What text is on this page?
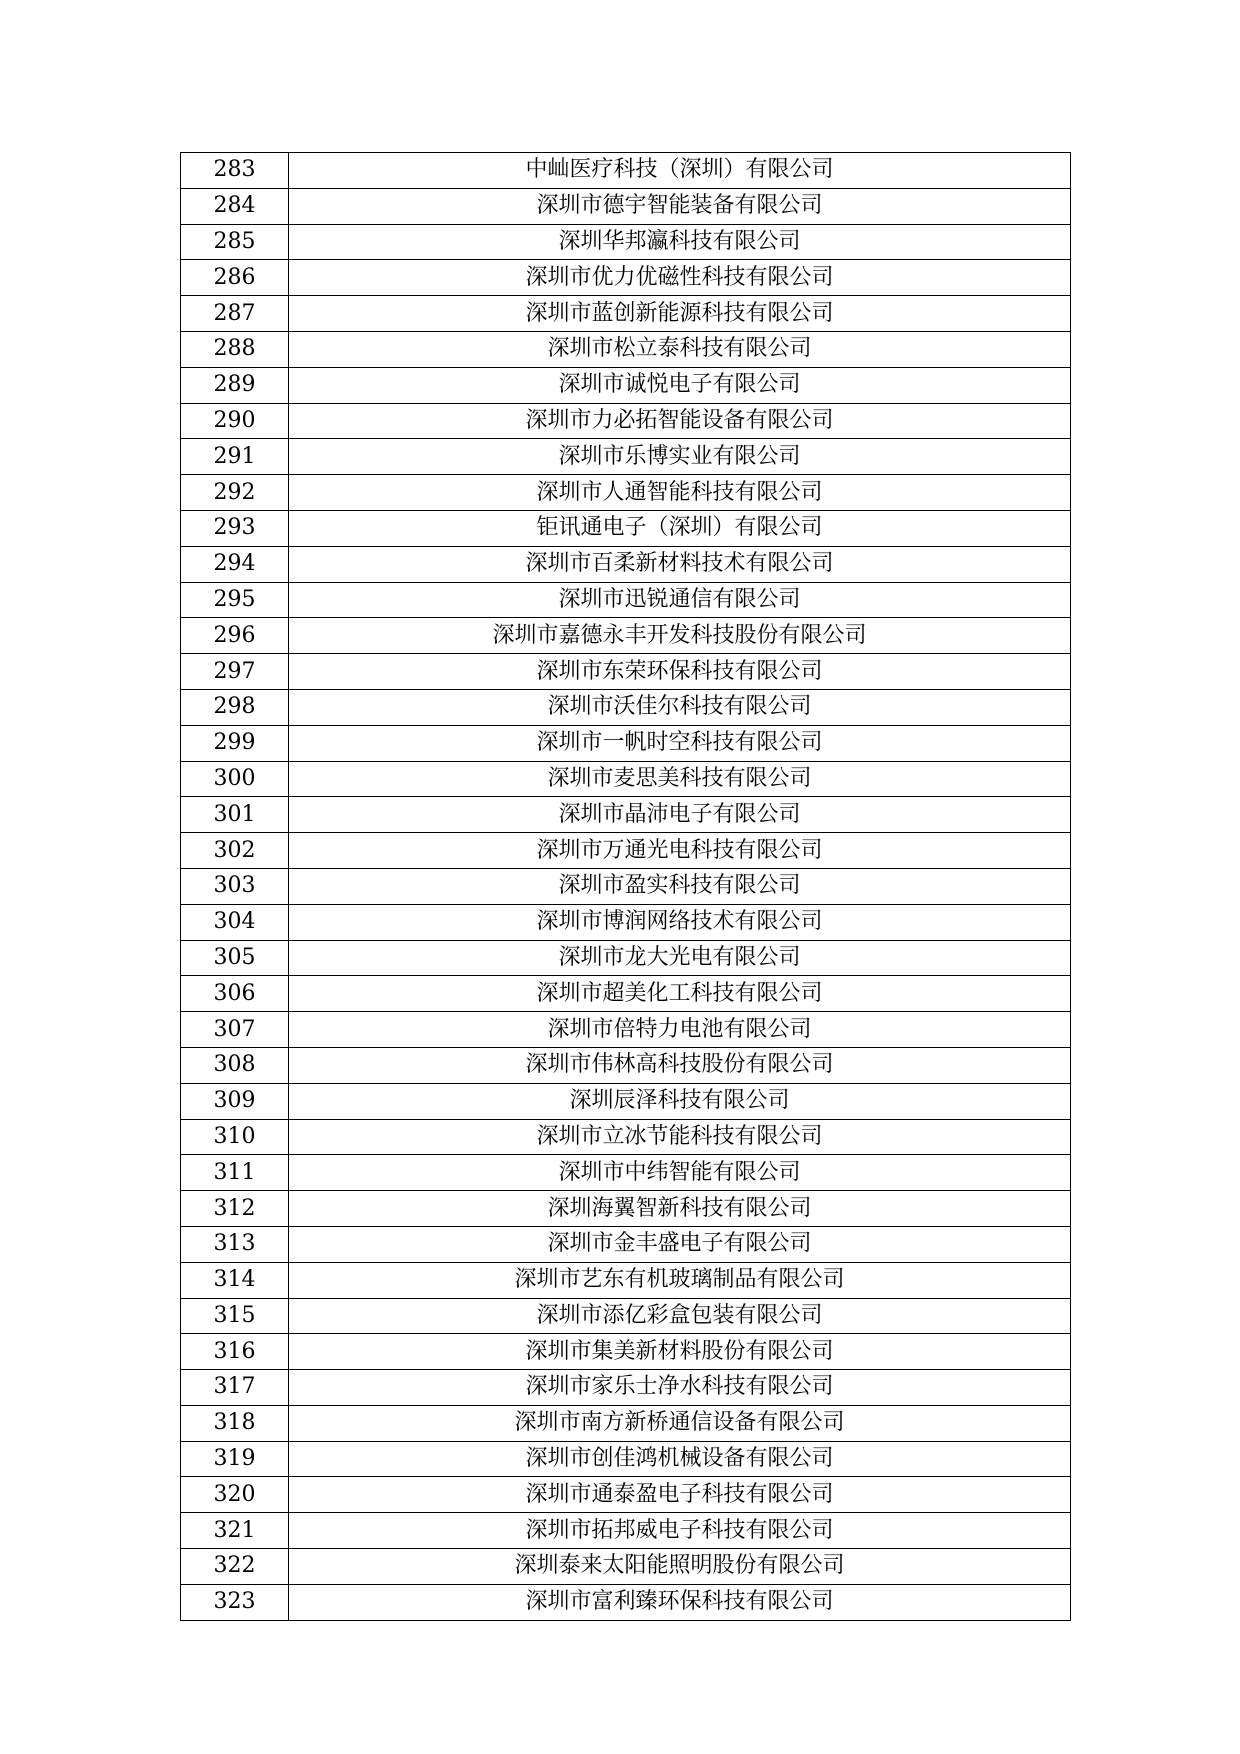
283	中屾医疗科技（深圳）有限公司
284	深圳市德宇智能装备有限公司
285	深圳华邦瀛科技有限公司
286	深圳市优力优磁性科技有限公司
287	深圳市蓝创新能源科技有限公司
288	深圳市松立泰科技有限公司
289	深圳市诚悦电子有限公司
290	深圳市力必拓智能设备有限公司
291	深圳市乐博实业有限公司
292	深圳市人通智能科技有限公司
293	钜讯通电子（深圳）有限公司
294	深圳市百柔新材料技术有限公司
295	深圳市迅锐通信有限公司
296	深圳市嘉德永丰开发科技股份有限公司
297	深圳市东荣环保科技有限公司
298	深圳市沃佳尔科技有限公司
299	深圳市一帆时空科技有限公司
300	深圳市麦思美科技有限公司
301	深圳市晶沛电子有限公司
302	深圳市万通光电科技有限公司
303	深圳市盈实科技有限公司
304	深圳市博润网络技术有限公司
305	深圳市龙大光电有限公司
306	深圳市超美化工科技有限公司
307	深圳市倍特力电池有限公司
308	深圳市伟林高科技股份有限公司
309	深圳辰泽科技有限公司
310	深圳市立冰节能科技有限公司
311	深圳市中纬智能有限公司
312	深圳海翼智新科技有限公司
313	深圳市金丰盛电子有限公司
314	深圳市艺东有机玻璃制品有限公司
315	深圳市添亿彩盒包装有限公司
316	深圳市集美新材料股份有限公司
317	深圳市家乐士净水科技有限公司
318	深圳市南方新桥通信设备有限公司
319	深圳市创佳鸿机械设备有限公司
320	深圳市通泰盈电子科技有限公司
321	深圳市拓邦威电子科技有限公司
322	深圳泰来太阳能照明股份有限公司
323	深圳市富利臻环保科技有限公司
